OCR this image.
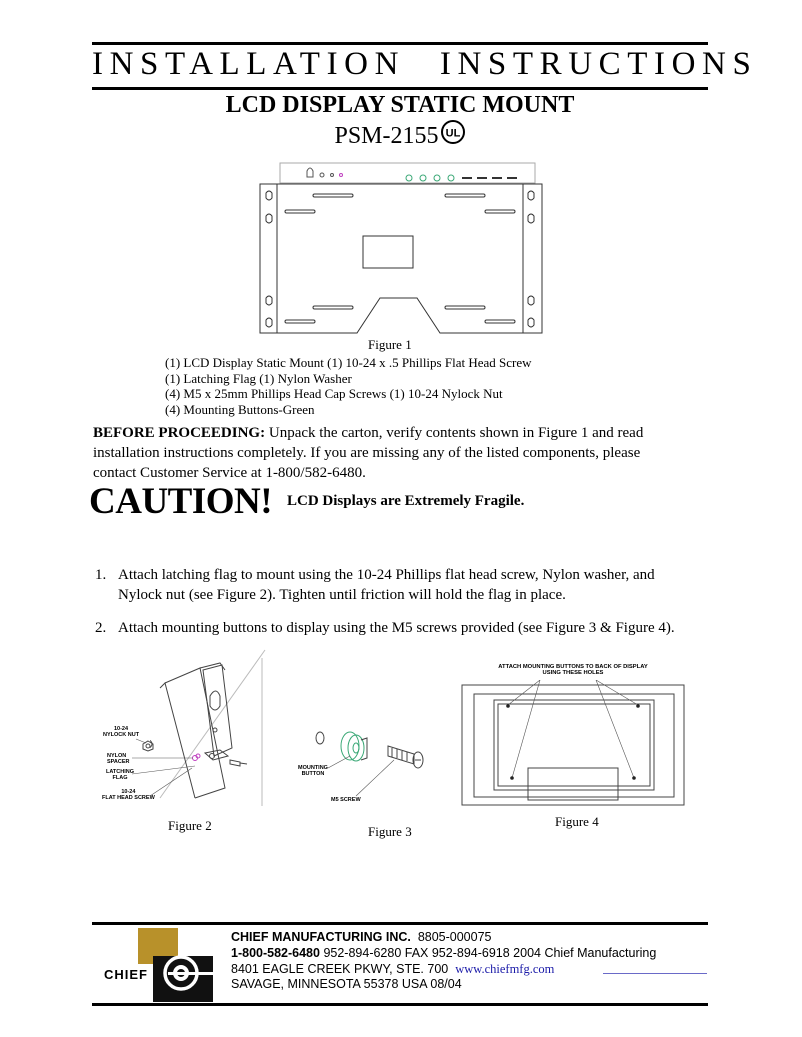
INSTALLATION INSTRUCTIONS
LCD DISPLAY STATIC MOUNT
PSM-2155 UL
Figure 1
(1) LCD Display Static Mount (1) 10-24 x .5 Phillips Flat Head Screw
(1) Latching Flag (1) Nylon Washer
(4) M5 x 25mm Phillips Head Cap Screws (1) 10-24 Nylock Nut
(4) Mounting Buttons-Green
BEFORE PROCEEDING: Unpack the carton, verify contents shown in Figure 1 and read
installation instructions completely. If you are missing any of the listed components, please
contact Customer Service at 1-800/582-6480.
CAUTION! LCD Displays are Extremely Fragile.
1. Attach latching flag to mount using the 10-24 Phillips flat head screw, Nylon washer, and
Nylock nut (see Figure 2). Tighten until friction will hold the flag in place.
2. Attach mounting buttons to display using the M5 screws provided (see Figure 3 & Figure 4).
10-24
NYLOCK NUT
NYLON
SPACER
LATCHING
FLAG
10-24
FLAT HEAD SCREW
Figure 2
MOUNTING
BUTTON
M5 SCREW
Figure 3
ATTACH MOUNTING BUTTONS TO BACK OF DISPLAY
USING THESE HOLES
Figure 4
CHIEF
CHIEF MANUFACTURING INC. 8805-000075
1-800-582-6480 952-894-6280 FAX 952-894-6918 2004 Chief Manufacturing
8401 EAGLE CREEK PKWY, STE. 700 www.chiefmfg.com
SAVAGE, MINNESOTA 55378 USA 08/04
